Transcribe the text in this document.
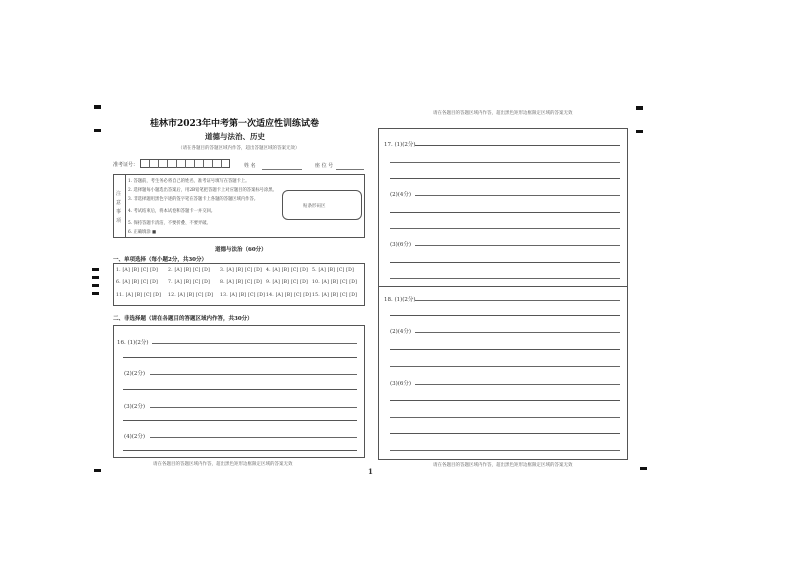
桂林市2023年中考第一次适应性训练试卷
道德与法治、历史
（请在各题目的答题区域内作答，超出答题区域的答案无效）
准考证号：	姓 名	座 位 号
注意事项
1. 答题前，考生务必将自己的姓名、准考证号填写在答题卡上。
2. 选择题每小题选出答案后，用2B铅笔把答题卡上对应题目的答案标号涂黑。
3. 非选择题用黑色字迹的签字笔在答题卡上各题的答题区域内作答。
4. 考试结束后，将本试卷和答题卡一并交回。
5. 保持答题卡清洁，不要折叠、不要弄破。
6. 正确填涂 ■
贴条形码区
道德与法治（60分）
一、单项选择（每小题2分，共30分）
1. [A] [B] [C] [D] 2. [A] [B] [C] [D] 3. [A] [B] [C] [D] 4. [A] [B] [C] [D] 5. [A] [B] [C] [D]
6. [A] [B] [C] [D] 7. [A] [B] [C] [D] 8. [A] [B] [C] [D] 9. [A] [B] [C] [D] 10. [A] [B] [C] [D]
11. [A] [B] [C] [D] 12. [A] [B] [C] [D] 13. [A] [B] [C] [D] 14. [A] [B] [C] [D] 15. [A] [B] [C] [D]
二、非选择题（请在各题目的答题区域内作答，共30分）
16. (1)(2分)
(2)(2分)
(3)(2分)
(4)(2分)
请在各题目的答题区域内作答，超出黑色矩形边框限定区域的答案无效
1
请在各题目的答题区域内作答，超出黑色矩形边框限定区域的答案无效
17. (1)(2分)
(2)(4分)
(3)(6分)
18. (1)(2分)
(2)(4分)
(3)(6分)
请在各题目的答题区域内作答，超出黑色矩形边框限定区域的答案无效
